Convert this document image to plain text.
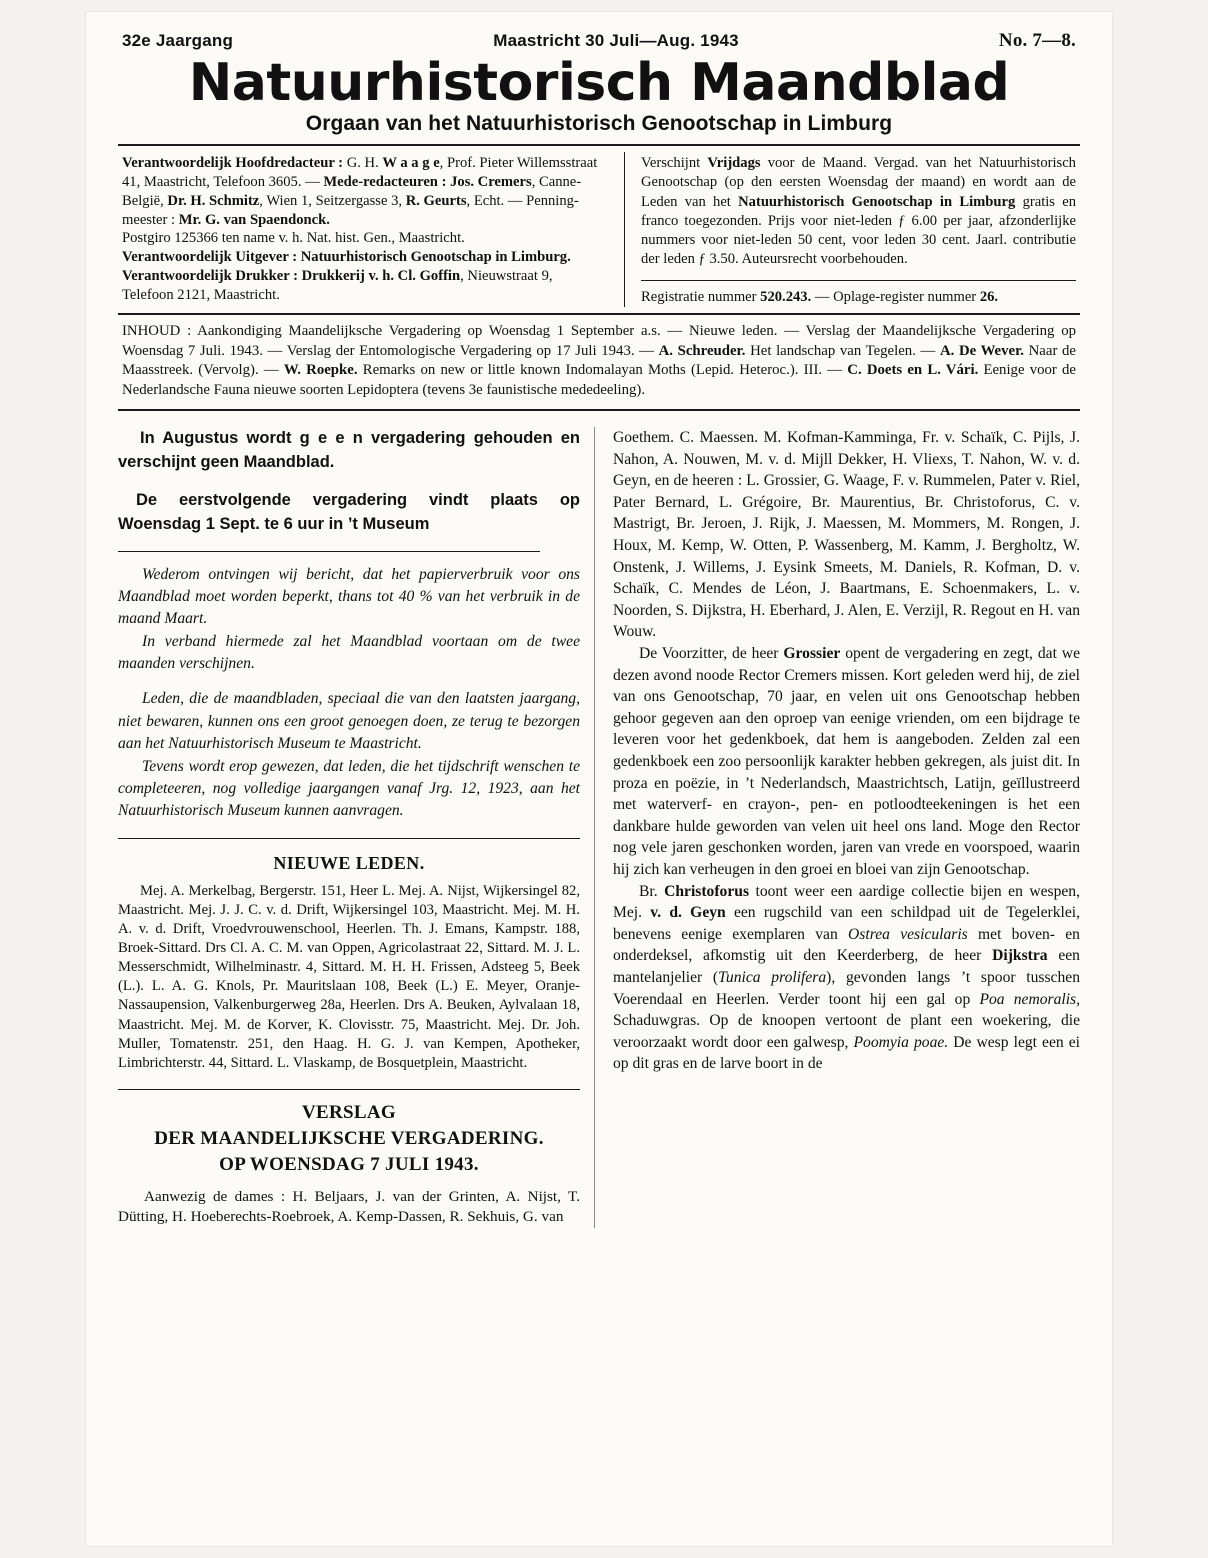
32e Jaargang	Maastricht 30 Juli—Aug. 1943	No. 7—8.
Natuurhistorisch Maandblad
Orgaan van het Natuurhistorisch Genootschap in Limburg
Verantwoordelijk Hoofdredacteur : G. H. W a a g e, Prof. Pieter Willemsstraat 41, Maastricht, Telefoon 3605. — Mede-redacteuren : Jos. Cremers, Canne-België, Dr. H. Schmitz, Wien 1, Seitzergasse 3, R. Geurts, Echt. — Penning-meester : Mr. G. van Spaendonck.
Postgiro 125366 ten name v. h. Nat. hist. Gen., Maastricht.
Verantwoordelijk Uitgever : Natuurhistorisch Genootschap in Limburg.
Verantwoordelijk Drukker : Drukkerij v. h. Cl. Goffin, Nieuwstraat 9, Telefoon 2121, Maastricht.
Verschijnt Vrijdags voor de Maand. Vergad. van het Natuurhistorisch Genootschap (op den eersten Woensdag der maand) en wordt aan de Leden van het Natuurhistorisch Genootschap in Limburg gratis en franco toegezonden. Prijs voor niet-leden ƒ 6.00 per jaar, afzonderlijke nummers voor niet-leden 50 cent, voor leden 30 cent. Jaarl. contributie der leden ƒ 3.50. Auteursrecht voorbehouden.
Registratie nummer 520.243. — Oplage-register nummer 26.
INHOUD : Aankondiging Maandelijksche Vergadering op Woensdag 1 September a.s. — Nieuwe leden. — Verslag der Maandelijksche Vergadering op Woensdag 7 Juli. 1943. — Verslag der Entomologische Vergadering op 17 Juli 1943. — A. Schreuder. Het landschap van Tegelen. — A. De Wever. Naar de Maasstreek. (Vervolg). — W. Roepke. Remarks on new or little known Indomalayan Moths (Lepid. Heteroc.). III. — C. Doets en L. Vári. Eenige voor de Nederlandsche Fauna nieuwe soorten Lepidoptera (tevens 3e faunistische mededeeling).
In Augustus wordt g e e n vergadering gehouden en verschijnt geen Maandblad.
De eerstvolgende vergadering vindt plaats op Woensdag 1 Sept. te 6 uur in ’t Museum

Wederom ontvingen wij bericht, dat het papierverbruik voor ons Maandblad moet worden beperkt, thans tot 40 % van het verbruik in de maand Maart.

In verband hiermede zal het Maandblad voortaan om de twee maanden verschijnen.

Leden, die de maandbladen, speciaal die van den laatsten jaargang, niet bewaren, kunnen ons een groot genoegen doen, ze terug te bezorgen aan het Natuurhistorisch Museum te Maastricht.

Tevens wordt erop gewezen, dat leden, die het tijdschrift wenschen te completeeren, nog volledige jaargangen vanaf Jrg. 12, 1923, aan het Natuurhistorisch Museum kunnen aanvragen.

NIEUWE LEDEN.
Mej. A. Merkelbag, Bergerstr. 151, Heer L. Mej. A. Nijst, Wijkersingel 82, Maastricht. Mej. J. J. C. v. d. Drift, Wijkersingel 103, Maastricht. Mej. M. H. A. v. d. Drift, Vroedvrouwenschool, Heerlen. Th. J. Emans, Kampstr. 188, Broek-Sittard. Drs Cl. A. C. M. van Oppen, Agricolastraat 22, Sittard. M. J. L. Messerschmidt, Wilhelminastr. 4, Sittard. M. H. H. Frissen, Adsteeg 5, Beek (L.). L. A. G. Knols, Pr. Mauritslaan 108, Beek (L.) E. Meyer, Oranje-Nassaupension, Valkenburgerweg 28a, Heerlen. Drs A. Beuken, Aylvalaan 18, Maastricht. Mej. M. de Korver, K. Clovisstr. 75, Maastricht. Mej. Dr. Joh. Muller, Tomatenstr. 251, den Haag. H. G. J. van Kempen, Apotheker, Limbrichterstr. 44, Sittard. L. Vlaskamp, de Bosquetplein, Maastricht.
VERSLAG
DER MAANDELIJKSCHE VERGADERING.
OP WOENSDAG 7 JULI 1943.

Aanwezig de dames : H. Beljaars, J. van der Grinten, A. Nijst, T. Dütting, H. Hoeberechts-Roebroek, A. Kemp-Dassen, R. Sekhuis, G. van

Goethem. C. Maessen. M. Kofman-Kamminga, Fr. v. Schaïk, C. Pijls, J. Nahon, A. Nouwen, M. v. d. Mijll Dekker, H. Vliexs, T. Nahon, W. v. d. Geyn, en de heeren : L. Grossier, G. Waage, F. v. Rummelen, Pater v. Riel, Pater Bernard, L. Grégoire, Br. Maurentius, Br. Christoforus, C. v. Mastrigt, Br. Jeroen, J. Rijk, J. Maessen, M. Mommers, M. Rongen, J. Houx, M. Kemp, W. Otten, P. Wassenberg, M. Kamm, J. Bergholtz, W. Onstenk, J. Willems, J. Eysink Smeets, M. Daniels, R. Kofman, D. v. Schaïk, C. Mendes de Léon, J. Baartmans, E. Schoenmakers, L. v. Noorden, S. Dijkstra, H. Eberhard, J. Alen, E. Verzijl, R. Regout en H. van Wouw.

De Voorzitter, de heer Grossier opent de vergadering en zegt, dat we dezen avond noode Rector Cremers missen. Kort geleden werd hij, de ziel van ons Genootschap, 70 jaar, en velen uit ons Genootschap hebben gehoor gegeven aan den oproep van eenige vrienden, om een bijdrage te leveren voor het gedenkboek, dat hem is aangeboden. Zelden zal een gedenkboek een zoo persoonlijk karakter hebben gekregen, als juist dit. In proza en poëzie, in ’t Nederlandsch, Maastrichtsch, Latijn, geïllustreerd met waterverf- en crayon-, pen- en potloodteekeningen is het een dankbare hulde geworden van velen uit heel ons land. Moge den Rector nog vele jaren geschonken worden, jaren van vrede en voorspoed, waarin hij zich kan verheugen in den groei en bloei van zijn Genootschap.

Br. Christoforus toont weer een aardige collectie bijen en wespen, Mej. v. d. Geyn een rugschild van een schildpad uit de Tegelerklei, benevens eenige exemplaren van Ostrea vesicularis met boven- en onderdeksel, afkomstig uit den Keerderberg, de heer Dijkstra een mantelanjelier (Tunica prolifera), gevonden langs ’t spoor tusschen Voerendaal en Heerlen. Verder toont hij een gal op Poa nemoralis, Schaduwgras. Op de knoopen vertoont de plant een woekering, die veroorzaakt wordt door een galwesp, Poomyia poae. De wesp legt een ei op dit gras en de larve boort in de
